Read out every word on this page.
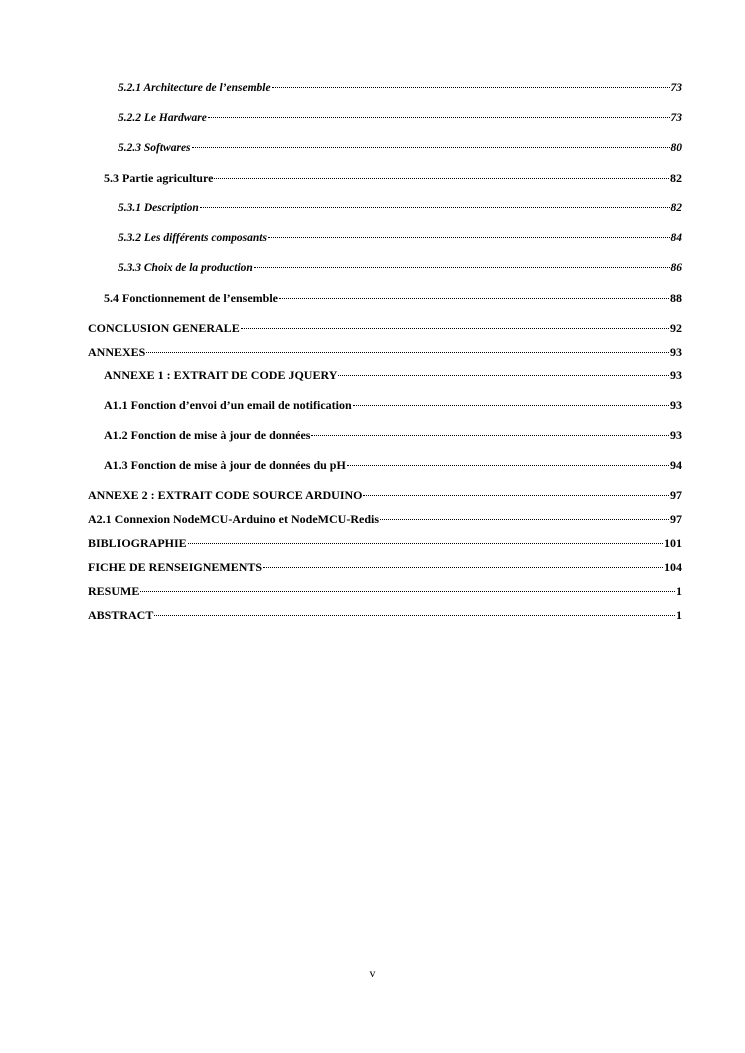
5.2.1 Architecture de l’ensemble	73
5.2.2 Le Hardware	73
5.2.3 Softwares	80
5.3 Partie agriculture	82
5.3.1 Description	82
5.3.2 Les différents composants	84
5.3.3 Choix de la production	86
5.4 Fonctionnement de l’ensemble	88
CONCLUSION GENERALE	92
ANNEXES	93
ANNEXE 1 : EXTRAIT DE CODE JQUERY	93
A1.1 Fonction d’envoi d’un email de notification	93
A1.2 Fonction de mise à jour de données	93
A1.3 Fonction de mise à jour de données du pH	94
ANNEXE 2 : EXTRAIT CODE SOURCE ARDUINO	97
A2.1 Connexion NodeMCU-Arduino et NodeMCU-Redis	97
BIBLIOGRAPHIE	101
FICHE DE RENSEIGNEMENTS	104
RESUME	1
ABSTRACT	1
v
